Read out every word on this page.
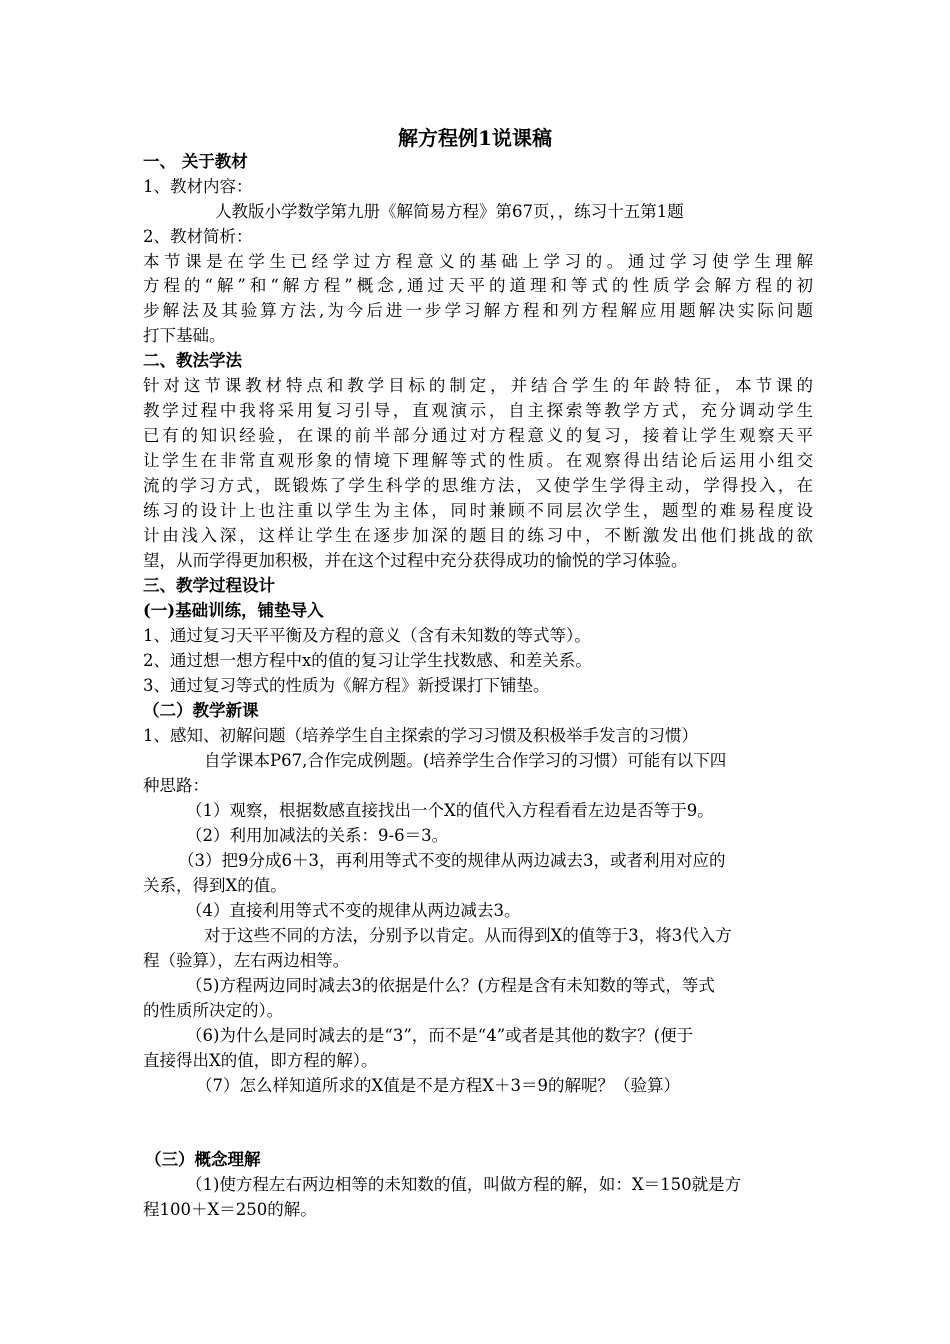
解方程例1说课稿

一、 关于教材

1、教材内容：

人教版小学数学第九册《解简易方程》第67页，，练习十五第1题

2、教材简析：

本节课是在学生已经学过方程意义的基础上学习的。通过学习使学生理解

方程的“解”和“解方程”概念,通过天平的道理和等式的性质学会解方程的初

步解法及其验算方法,为今后进一步学习解方程和列方程解应用题解决实际问题

打下基础。

二、教法学法

针对这节课教材特点和教学目标的制定，并结合学生的年龄特征，本节课的

教学过程中我将采用复习引导，直观演示，自主探索等教学方式，充分调动学生

已有的知识经验，在课的前半部分通过对方程意义的复习，接着让学生观察天平

让学生在非常直观形象的情境下理解等式的性质。在观察得出结论后运用小组交

流的学习方式，既锻炼了学生科学的思维方法，又使学生学得主动，学得投入，在

练习的设计上也注重以学生为主体，同时兼顾不同层次学生，题型的难易程度设

计由浅入深，这样让学生在逐步加深的题目的练习中，不断激发出他们挑战的欲

望，从而学得更加积极，并在这个过程中充分获得成功的愉悦的学习体验。

三、教学过程设计

(一)基础训练，铺垫导入

1、通过复习天平平衡及方程的意义（含有未知数的等式等）。

2、通过想一想方程中x的值的复习让学生找数感、和差关系。

3、通过复习等式的性质为《解方程》新授课打下铺垫。

（二）教学新课

1、感知、初解问题（培养学生自主探索的学习习惯及积极举手发言的习惯）

自学课本P67,合作完成例题。(培养学生合作学习的习惯）可能有以下四

种思路：

（1）观察，根据数感直接找出一个X的值代入方程看看左边是否等于9。

（2）利用加减法的关系：9-6＝3。

（3）把9分成6＋3，再利用等式不变的规律从两边减去3，或者利用对应的

关系，得到X的值。

（4）直接利用等式不变的规律从两边减去3。

对于这些不同的方法，分别予以肯定。从而得到X的值等于3，将3代入方

程（验算），左右两边相等。

（5)方程两边同时减去3的依据是什么？(方程是含有未知数的等式，等式

的性质所决定的）。

（6)为什么是同时减去的是“3”，而不是“4”或者是其他的数字？(便于

直接得出X的值，即方程的解）。

（7）怎么样知道所求的X值是不是方程X＋3＝9的解呢？（验算）

（三）概念理解

（1)使方程左右两边相等的未知数的值，叫做方程的解，如：X＝150就是方

程100＋X＝250的解。
